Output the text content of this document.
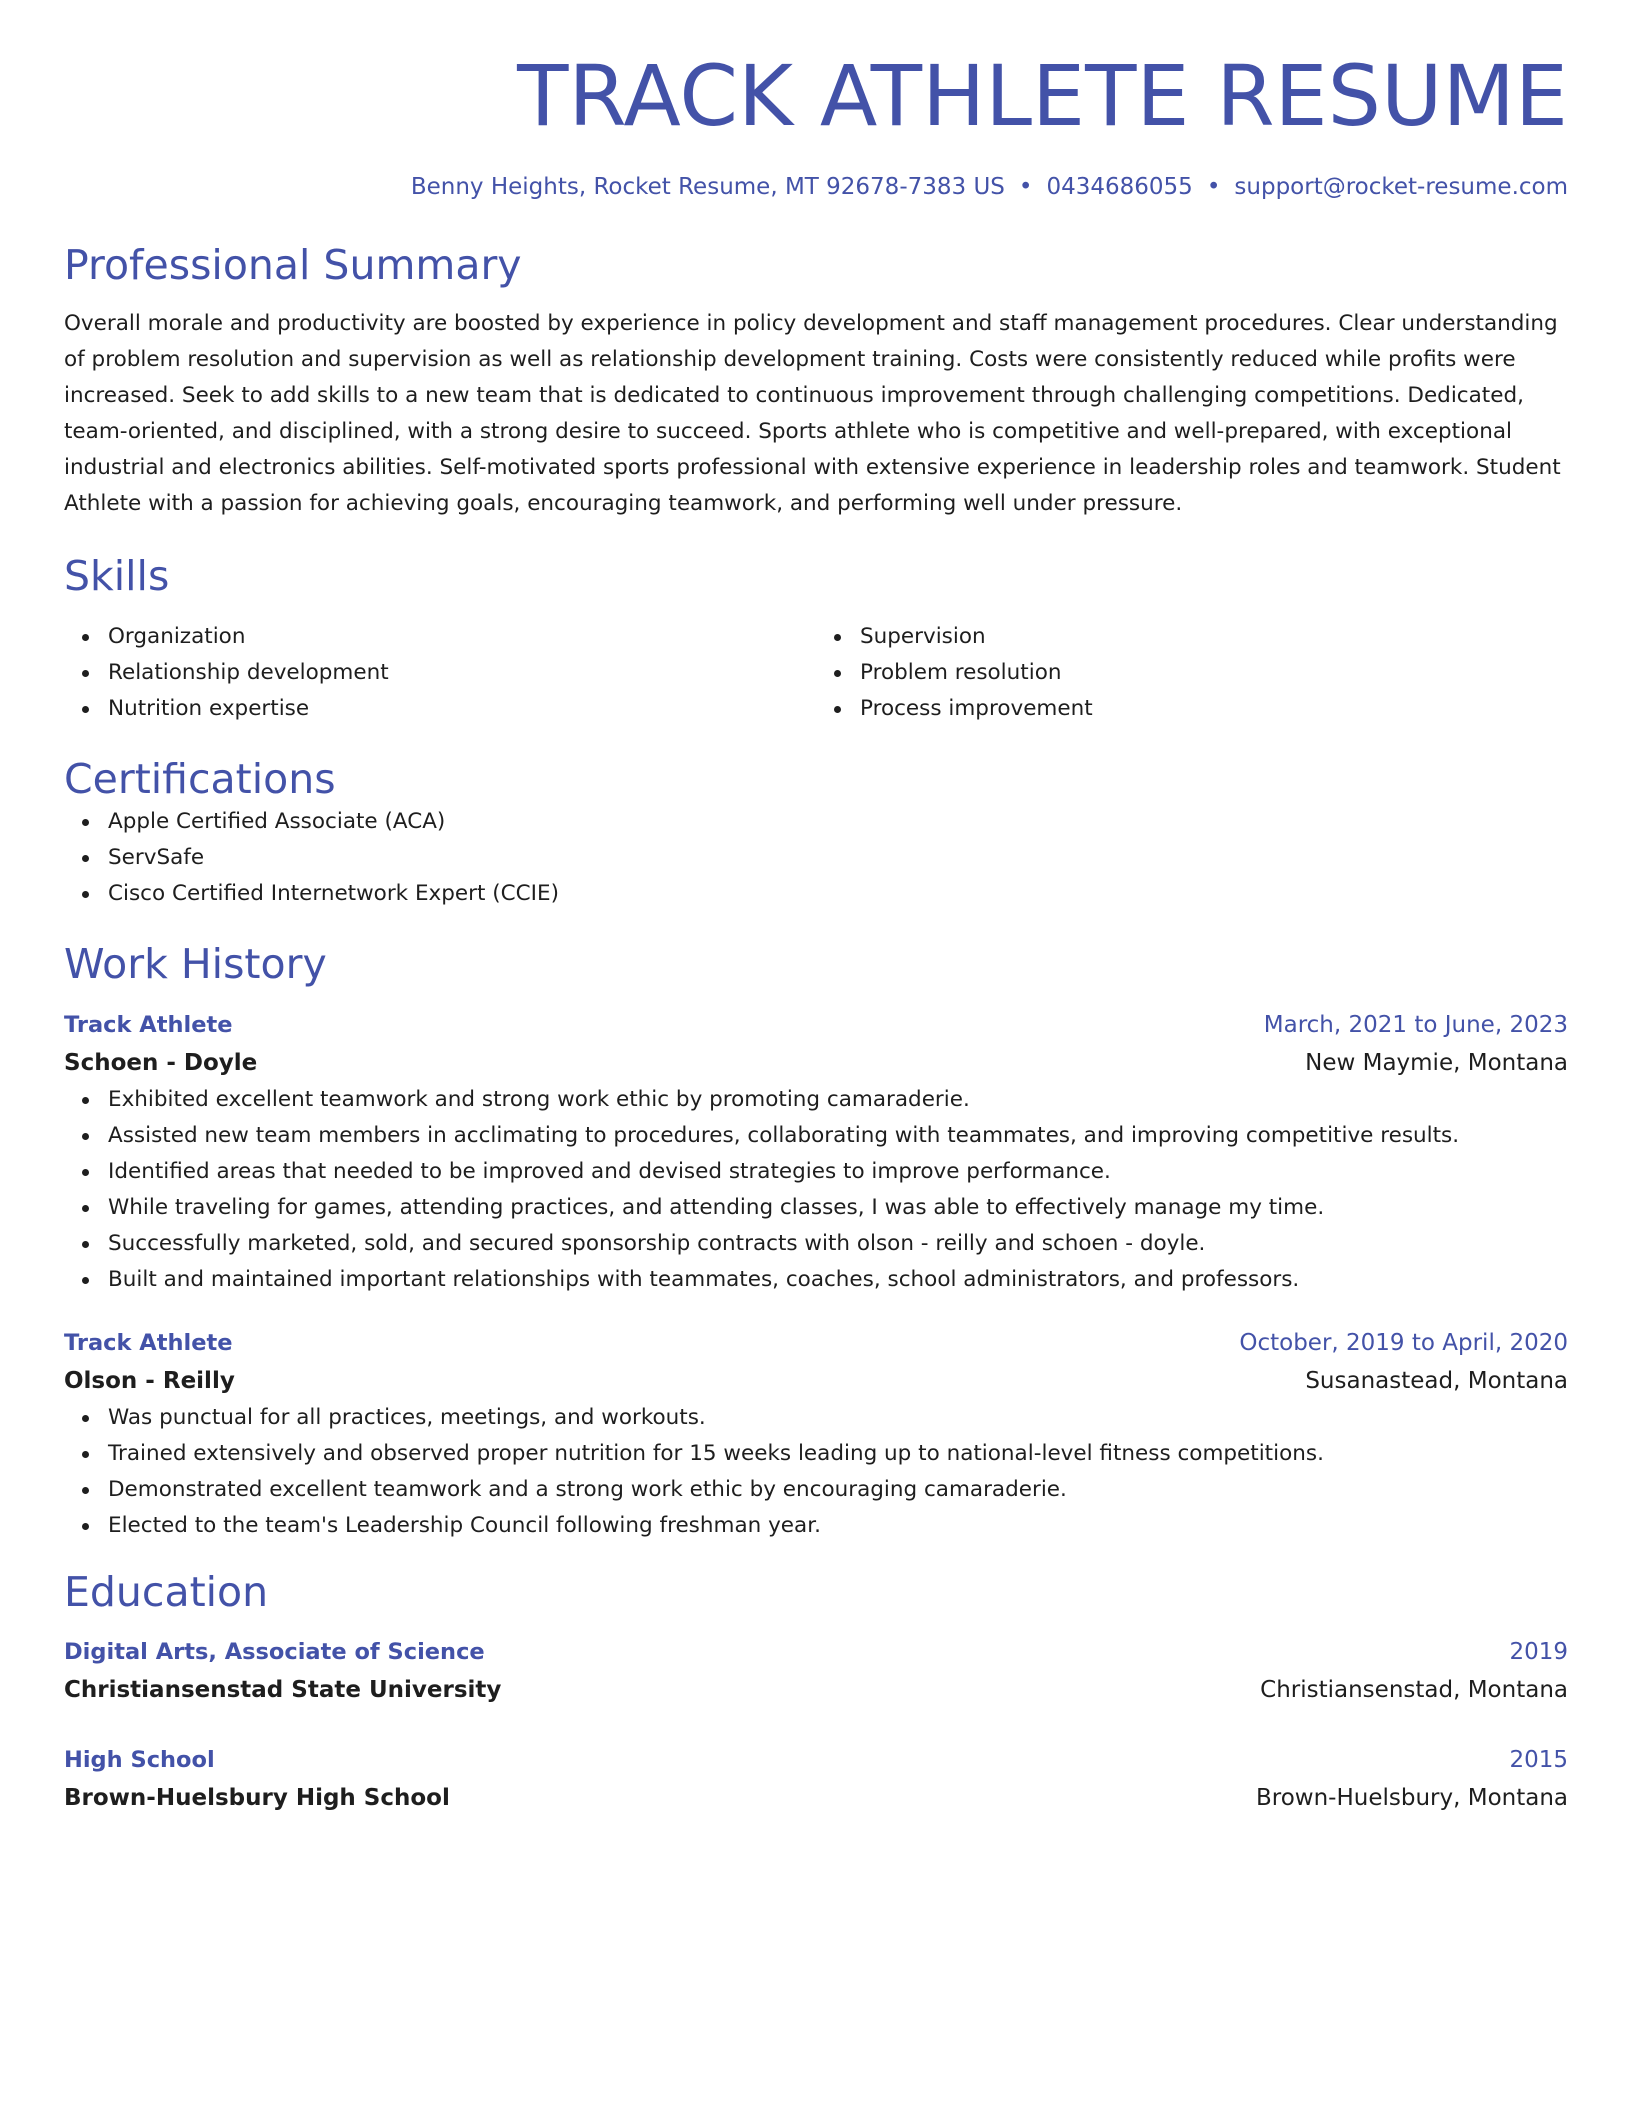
TRACK ATHLETE RESUME
Benny Heights, Rocket Resume, MT 92678-7383 US • 0434686055 • support@rocket-resume.com
Professional Summary

Overall morale and productivity are boosted by experience in policy development and staff management procedures. Clear understanding of problem resolution and supervision as well as relationship development training. Costs were consistently reduced while profits were increased. Seek to add skills to a new team that is dedicated to continuous improvement through challenging competitions. Dedicated, team-oriented, and disciplined, with a strong desire to succeed. Sports athlete who is competitive and well-prepared, with exceptional industrial and electronics abilities. Self-motivated sports professional with extensive experience in leadership roles and teamwork. Student Athlete with a passion for achieving goals, encouraging teamwork, and performing well under pressure.

Skills
Organization
Relationship development
Nutrition expertise
Supervision
Problem resolution
Process improvement
Certifications
Apple Certified Associate (ACA)
ServSafe
Cisco Certified Internetwork Expert (CCIE)
Work History
Track Athlete	March, 2021 to June, 2023
Schoen - Doyle	New Maymie, Montana
Exhibited excellent teamwork and strong work ethic by promoting camaraderie.
Assisted new team members in acclimating to procedures, collaborating with teammates, and improving competitive results.
Identified areas that needed to be improved and devised strategies to improve performance.
While traveling for games, attending practices, and attending classes, I was able to effectively manage my time.
Successfully marketed, sold, and secured sponsorship contracts with olson - reilly and schoen - doyle.
Built and maintained important relationships with teammates, coaches, school administrators, and professors.
Track Athlete	October, 2019 to April, 2020
Olson - Reilly	Susanastead, Montana
Was punctual for all practices, meetings, and workouts.
Trained extensively and observed proper nutrition for 15 weeks leading up to national-level fitness competitions.
Demonstrated excellent teamwork and a strong work ethic by encouraging camaraderie.
Elected to the team's Leadership Council following freshman year.
Education
Digital Arts, Associate of Science	2019
Christiansenstad State University	Christiansenstad, Montana
High School	2015
Brown-Huelsbury High School	Brown-Huelsbury, Montana
